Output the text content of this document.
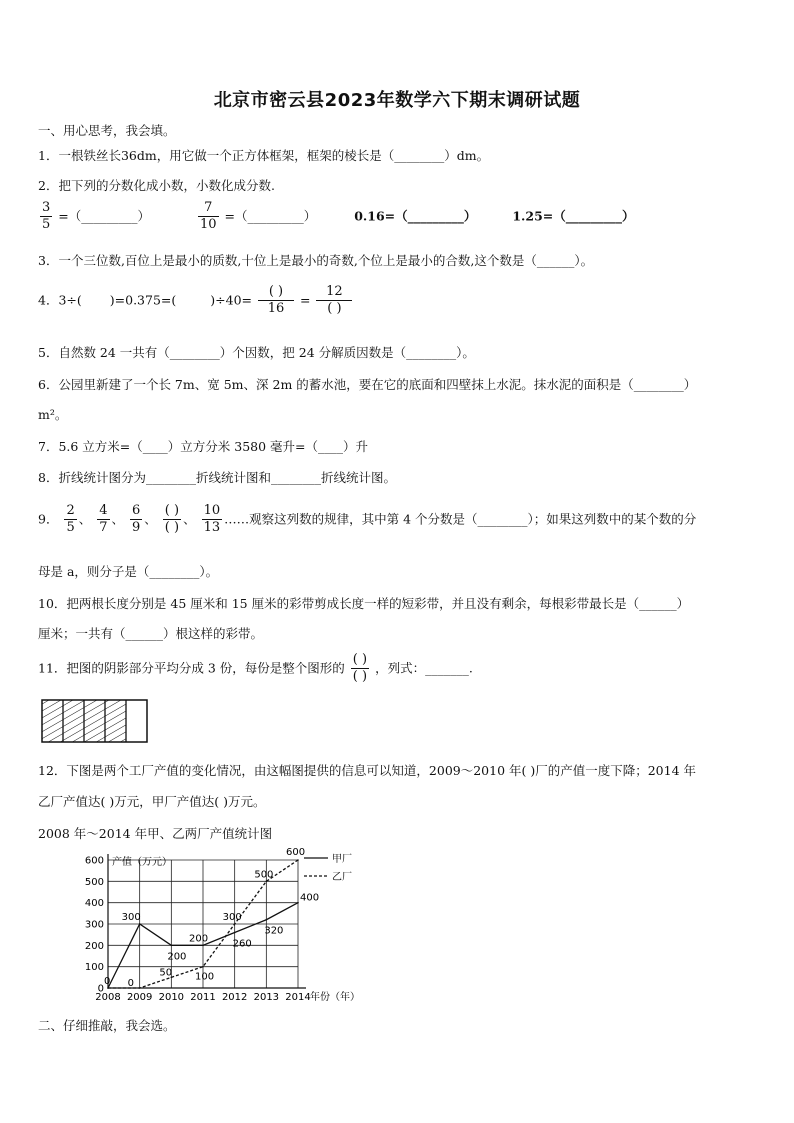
北京市密云县2023年数学六下期末调研试题
一、用心思考，我会填。
1．一根铁丝长36dm，用它做一个正方体框架，框架的棱长是（________）dm。
2．把下列的分数化成小数，小数化成分数.
$\frac{3}{5}$ =（_________）	$\frac{7}{10}$ =（_________）	0.16=（_________）	1.25=（_________）
3．一个三位数,百位上是最小的质数,十位上是最小的奇数,个位上是最小的合数,这个数是（______）。
4．3÷( )=0.375=(	)$\div 40= \frac{( )}{16} = \frac{12}{( )}$
5．自然数 24 一共有（________）个因数，把 24 分解质因数是（________）。
6．公园里新建了一个长 7m、宽 5m、深 2m 的蓄水池，要在它的底面和四壁抹上水泥。抹水泥的面积是（________）
m²。
7．5.6 立方米=（____）立方分米 3580 毫升=（____）升
8．折线统计图分为________折线统计图和________折线统计图。
9． $\frac{2}{5}$ 、 $\frac{4}{7}$ 、 $\frac{6}{9}$ 、 $\frac{( )}{( )}$ 、 $\frac{10}{13}$ ……观察这列数的规律，其中第 4 个分数是（________）；如果这列数中的某个数的分
母是 a，则分子是（________）。
10．把两根长度分别是 45 厘米和 15 厘米的彩带剪成长度一样的短彩带，并且没有剩余，每根彩带最长是（______）
厘米；一共有（______）根这样的彩带。
11．把图的阴影部分平均分成 3 份，每份是整个图形的 $\frac{( )}{( )}$ ，列式：_______.
12．下图是两个工厂产值的变化情况，由这幅图提供的信息可以知道，2009～2010 年( )厂的产值一度下降；2014 年
乙厂产值达( )万元，甲厂产值达( )万元。
2008 年～2014 年甲、乙两厂产值统计图
0
100
200
300
400
500
600
2008 2009 2010 2011 2012 2013 2014
产值（万元）
年份（年）
0
300
200
200 260
320
400
0
50 100
300
500
600
甲厂
乙厂
二、仔细推敲，我会选。
